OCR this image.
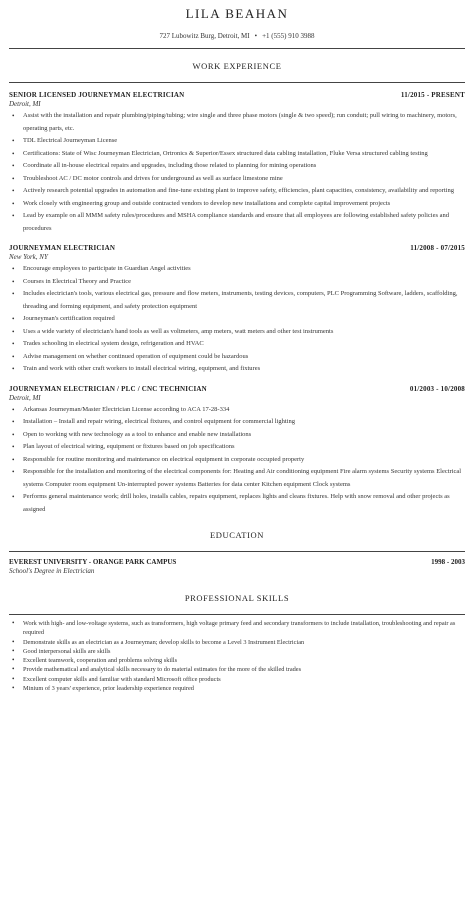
LILA BEAHAN
727 Lubowitz Burg, Detroit, MI • +1 (555) 910 3988
WORK EXPERIENCE
SENIOR LICENSED JOURNEYMAN ELECTRICIAN	11/2015 - PRESENT
Detroit, MI
• Assist with the installation and repair plumbing/piping/tubing; wire single and three phase motors (single & two speed); run conduit; pull wiring to machinery, motors, operating parts, etc.
• TDL Electrical Journeyman License
• Certifications: State of Wisc Journeyman Electrician, Ortronics & Superior/Essex structured data cabling installation, Fluke Versa structured cabling testing
• Coordinate all in-house electrical repairs and upgrades, including those related to planning for mining operations
• Troubleshoot AC / DC motor controls and drives for underground as well as surface limestone mine
• Actively research potential upgrades in automation and fine-tune existing plant to improve safety, efficiencies, plant capacities, consistency, availability and reporting
• Work closely with engineering group and outside contracted vendors to develop new installations and complete capital improvement projects
• Lead by example on all MMM safety rules/procedures and MSHA compliance standards and ensure that all employees are following established safety policies and procedures
JOURNEYMAN ELECTRICIAN	11/2008 - 07/2015
New York, NY
• Encourage employees to participate in Guardian Angel activities
• Courses in Electrical Theory and Practice
• Includes electrician's tools, various electrical gas, pressure and flow meters, instruments, testing devices, computers, PLC Programming Software, ladders, scaffolding, threading and forming equipment, and safety protection equipment
• Journeyman's certification required
• Uses a wide variety of electrician's hand tools as well as voltmeters, amp meters, watt meters and other test instruments
• Trades schooling in electrical system design, refrigeration and HVAC
• Advise management on whether continued operation of equipment could be hazardous
• Train and work with other craft workers to install electrical wiring, equipment, and fixtures
JOURNEYMAN ELECTRICIAN / PLC / CNC TECHNICIAN	01/2003 - 10/2008
Detroit, MI
• Arkansas Journeyman/Master Electrician License according to ACA 17-28-334
• Installation – Install and repair wiring, electrical fixtures, and control equipment for commercial lighting
• Open to working with new technology as a tool to enhance and enable new installations
• Plan layout of electrical wiring, equipment or fixtures based on job specifications
• Responsible for routine monitoring and maintenance on electrical equipment in corporate occupied property
• Responsible for the installation and monitoring of the electrical components for: Heating and Air conditioning equipment Fire alarm systems Security systems Electrical systems Computer room equipment Un-interrupted power systems Batteries for data center Kitchen equipment Clock systems
• Performs general maintenance work; drill holes, installs cables, repairs equipment, replaces lights and cleans fixtures. Help with snow removal and other projects as assigned
EDUCATION
EVEREST UNIVERSITY - ORANGE PARK CAMPUS	1998 - 2003
School's Degree in Electrician
PROFESSIONAL SKILLS
• Work with high- and low-voltage systems, such as transformers, high voltage primary feed and secondary transformers to include installation, troubleshooting and repair as required
• Demonstrate skills as an electrician as a Journeyman; develop skills to become a Level 3 Instrument Electrician
• Good interpersonal skills are skills
• Excellent teamwork, cooperation and problems solving skills
• Provide mathematical and analytical skills necessary to do material estimates for the more of the skilled trades
• Excellent computer skills and familiar with standard Microsoft office products
• Minium of 3 years' experience, prior leadership experience required
